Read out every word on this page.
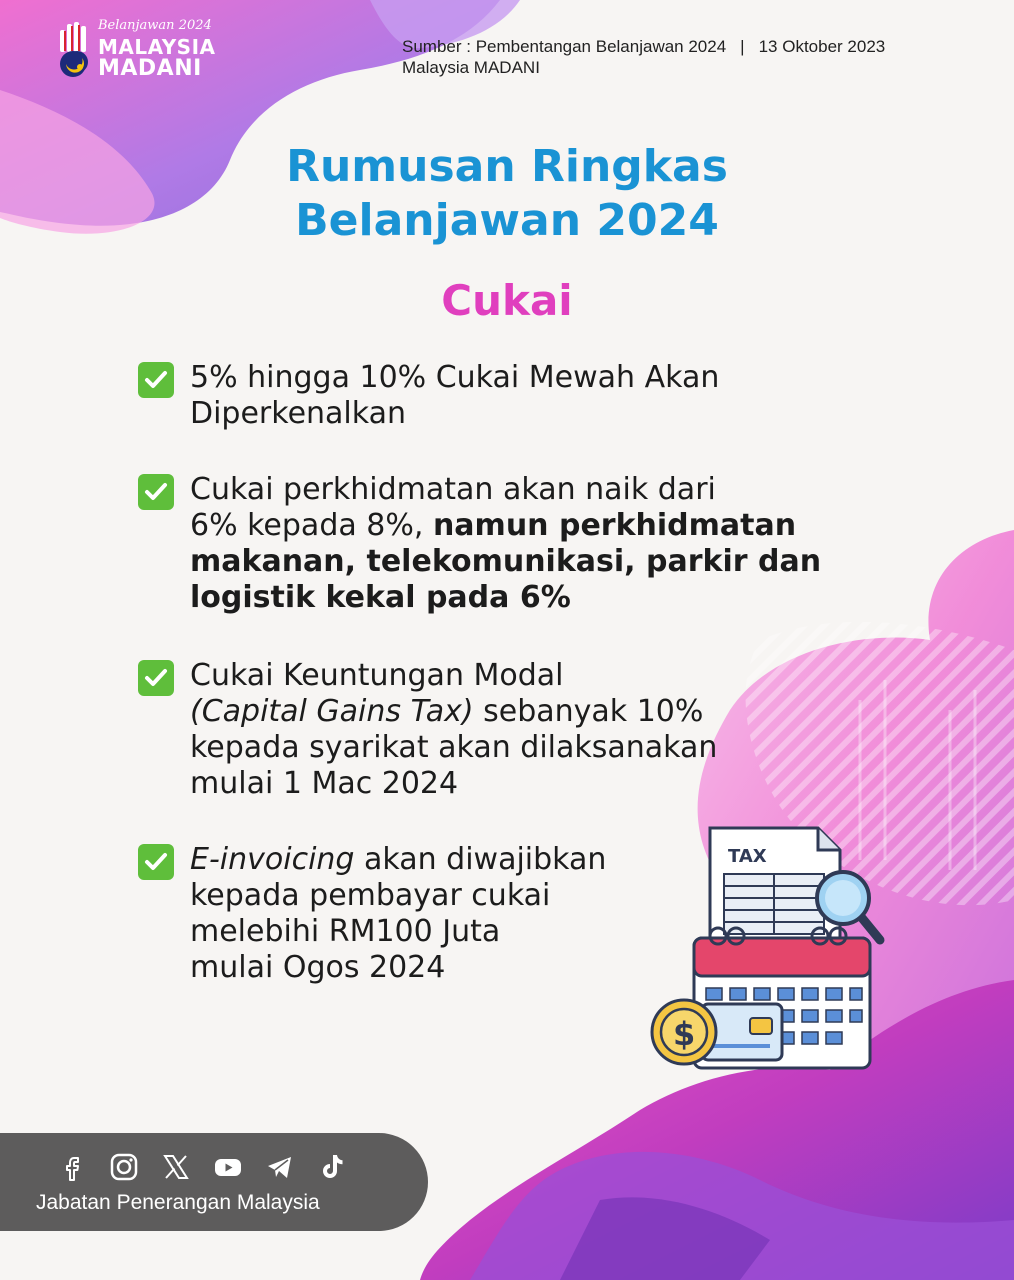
Belanjawan 2024
MALAYSIA
MADANI
Sumber : Pembentangan Belanjawan 2024 | 13 Oktober 2023
Malaysia MADANI
Rumusan Ringkas
Belanjawan 2024
Cukai
5% hingga 10% Cukai Mewah Akan
Diperkenalkan
Cukai perkhidmatan akan naik dari
6% kepada 8%, namun perkhidmatan
makanan, telekomunikasi, parkir dan
logistik kekal pada 6%
Cukai Keuntungan Modal
(Capital Gains Tax) sebanyak 10%
kepada syarikat akan dilaksanakan
mulai 1 Mac 2024
E-invoicing akan diwajibkan
kepada pembayar cukai
melebihi RM100 Juta
mulai Ogos 2024
TAX
$
Jabatan Penerangan Malaysia
